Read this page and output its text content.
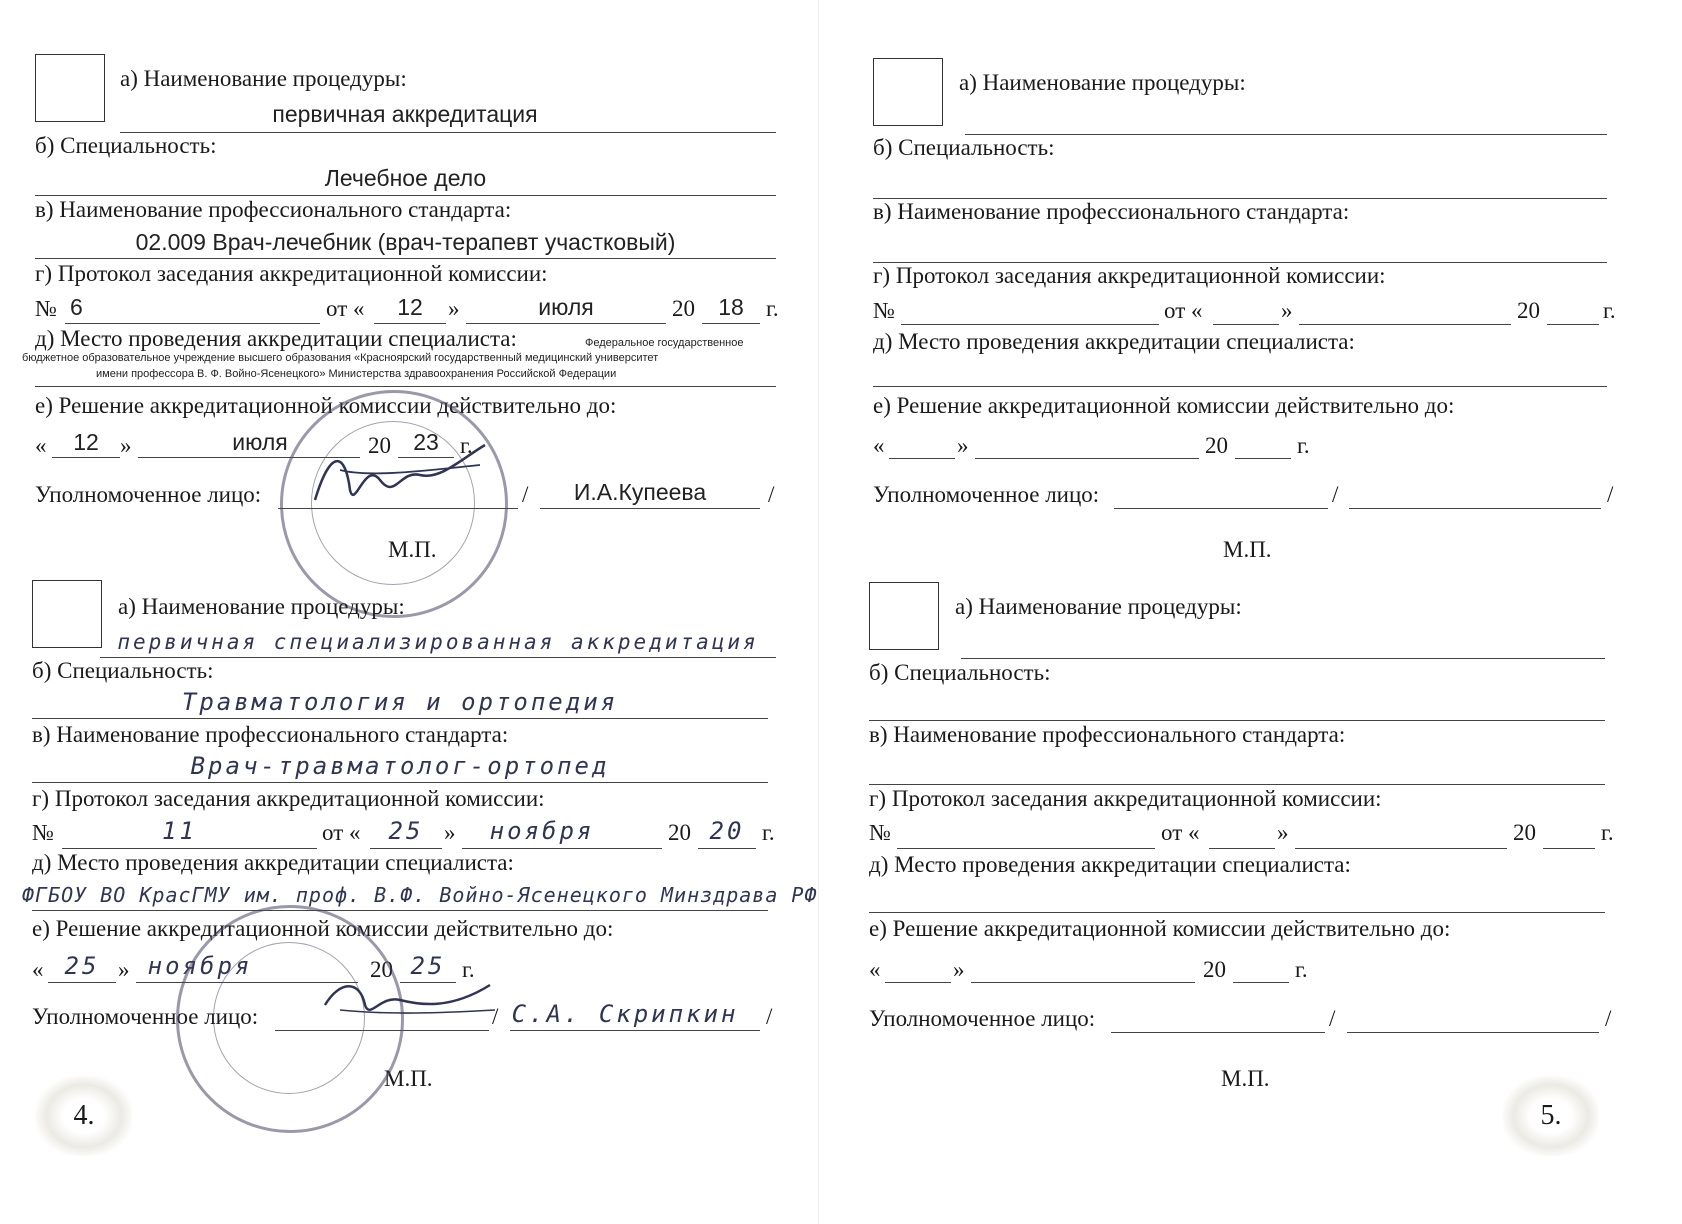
а) Наименование процедуры:
первичная аккредитация
б) Специальность:
Лечебное дело
в) Наименование профессионального стандарта:
02.009 Врач-лечебник (врач-терапевт участковый)
г) Протокол заседания аккредитационной комиссии:
№ 6	от «	12	»	июля	20	18 г.
д) Место проведения аккредитации специалиста:	Федеральное государственное
бюджетное образовательное учреждение высшего образования «Красноярский государственный медицинский университет
имени профессора В. Ф. Войно-Ясенецкого» Министерства здравоохранения Российской Федерации
е) Решение аккредитационной комиссии действительно до:
«	12 »	июля	20 23 г.
Уполномоченное лицо:	/	И.А.Купеева	/
М.П.
а) Наименование процедуры:
первичная специализированная аккредитация
б) Специальность:
Травматология и ортопедия
в) Наименование профессионального стандарта:
Врач-травматолог-ортопед
г) Протокол заседания аккредитационной комиссии:
№	11	от «	25 »	ноября	20 20 г.
д) Место проведения аккредитации специалиста:
ФГБОУ ВО КрасГМУ им. проф. В.Ф. Войно-Ясенецкого Минздрава РФ
е) Решение аккредитационной комиссии действительно до:
« 25 » ноября	20 25 г.
Уполномоченное лицо:	/ С.А. Скрипкин /
М.П.
4.
а) Наименование процедуры:
б) Специальность:
в) Наименование профессионального стандарта:
г) Протокол заседания аккредитационной комиссии:
№	от «	»	20	г.
д) Место проведения аккредитации специалиста:
е) Решение аккредитационной комиссии действительно до:
«	»	20	г.
Уполномоченное лицо:	/	/
М.П.
а) Наименование процедуры:
б) Специальность:
в) Наименование профессионального стандарта:
г) Протокол заседания аккредитационной комиссии:
№	от «	»	20	г.
д) Место проведения аккредитации специалиста:
е) Решение аккредитационной комиссии действительно до:
«	»	20	г.
Уполномоченное лицо:	/	/
М.П.
5.
